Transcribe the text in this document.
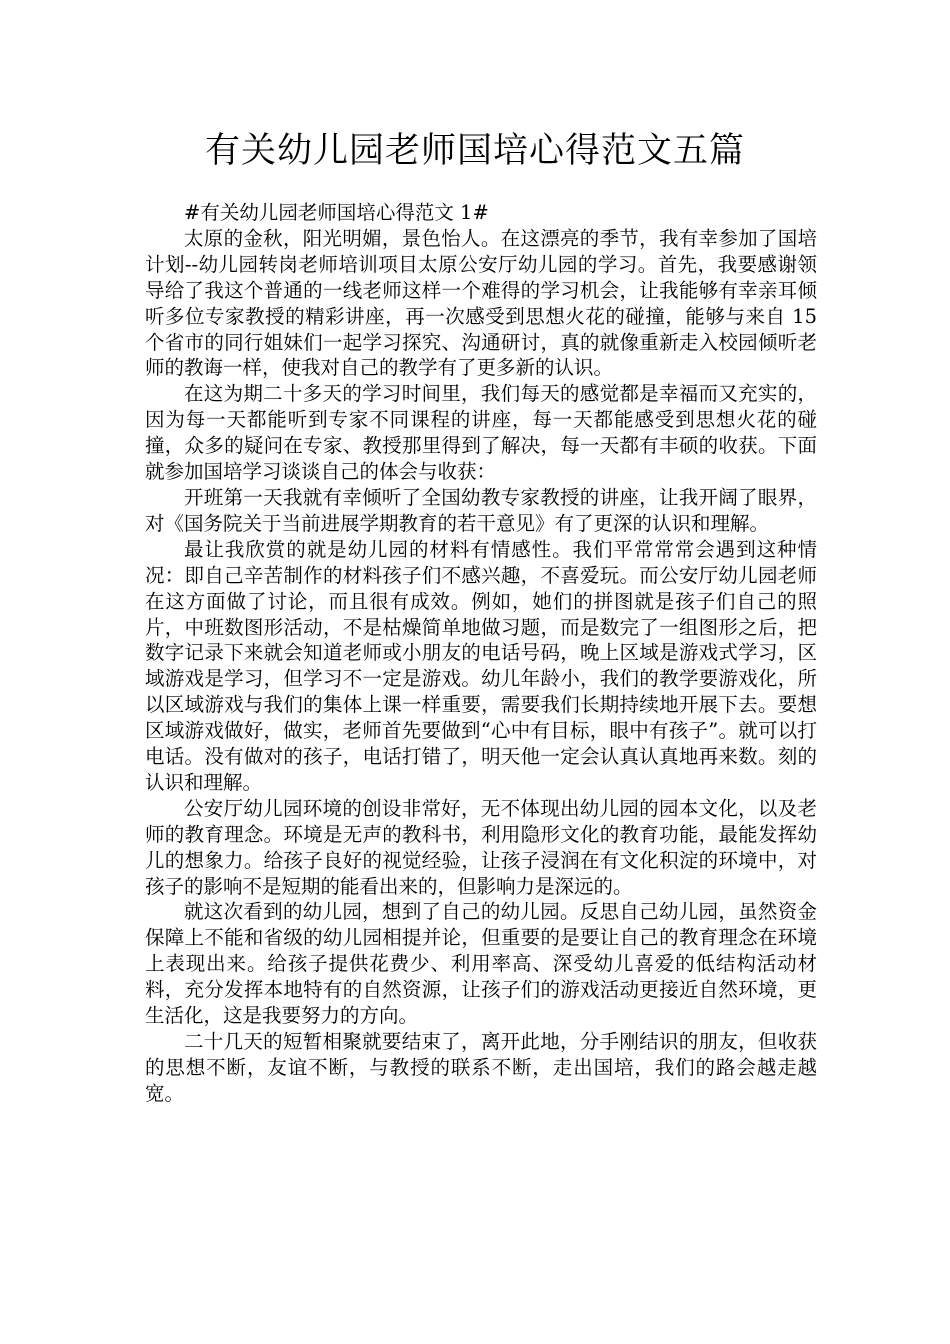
有关幼儿园老师国培心得范文五篇

#有关幼儿园老师国培心得范文 1#

太原的金秋，阳光明媚，景色怡人。在这漂亮的季节，我有幸参加了国培计划--幼儿园转岗老师培训项目太原公安厅幼儿园的学习。首先，我要感谢领导给了我这个普通的一线老师这样一个难得的学习机会，让我能够有幸亲耳倾听多位专家教授的精彩讲座，再一次感受到思想火花的碰撞，能够与来自 15 个省市的同行姐妹们一起学习探究、沟通研讨，真的就像重新走入校园倾听老师的教诲一样，使我对自己的教学有了更多新的认识。

在这为期二十多天的学习时间里，我们每天的感觉都是幸福而又充实的，因为每一天都能听到专家不同课程的讲座，每一天都能感受到思想火花的碰撞，众多的疑问在专家、教授那里得到了解决，每一天都有丰硕的收获。下面就参加国培学习谈谈自己的体会与收获：

开班第一天我就有幸倾听了全国幼教专家教授的讲座，让我开阔了眼界，对《国务院关于当前进展学期教育的若干意见》有了更深的认识和理解。

最让我欣赏的就是幼儿园的材料有情感性。我们平常常常会遇到这种情况：即自己辛苦制作的材料孩子们不感兴趣，不喜爱玩。而公安厅幼儿园老师在这方面做了讨论，而且很有成效。例如，她们的拼图就是孩子们自己的照片，中班数图形活动，不是枯燥简单地做习题，而是数完了一组图形之后，把数字记录下来就会知道老师或小朋友的电话号码，晚上区域是游戏式学习，区域游戏是学习，但学习不一定是游戏。幼儿年龄小，我们的教学要游戏化，所以区域游戏与我们的集体上课一样重要，需要我们长期持续地开展下去。要想区域游戏做好，做实，老师首先要做到“心中有目标，眼中有孩子”。就可以打电话。没有做对的孩子，电话打错了，明天他一定会认真认真地再来数。刻的认识和理解。

公安厅幼儿园环境的创设非常好，无不体现出幼儿园的园本文化，以及老师的教育理念。环境是无声的教科书，利用隐形文化的教育功能，最能发挥幼儿的想象力。给孩子良好的视觉经验，让孩子浸润在有文化积淀的环境中，对孩子的影响不是短期的能看出来的，但影响力是深远的。

就这次看到的幼儿园，想到了自己的幼儿园。反思自己幼儿园，虽然资金保障上不能和省级的幼儿园相提并论，但重要的是要让自己的教育理念在环境上表现出来。给孩子提供花费少、利用率高、深受幼儿喜爱的低结构活动材料，充分发挥本地特有的自然资源，让孩子们的游戏活动更接近自然环境，更生活化，这是我要努力的方向。

二十几天的短暂相聚就要结束了，离开此地，分手刚结识的朋友，但收获的思想不断，友谊不断，与教授的联系不断，走出国培，我们的路会越走越宽。
